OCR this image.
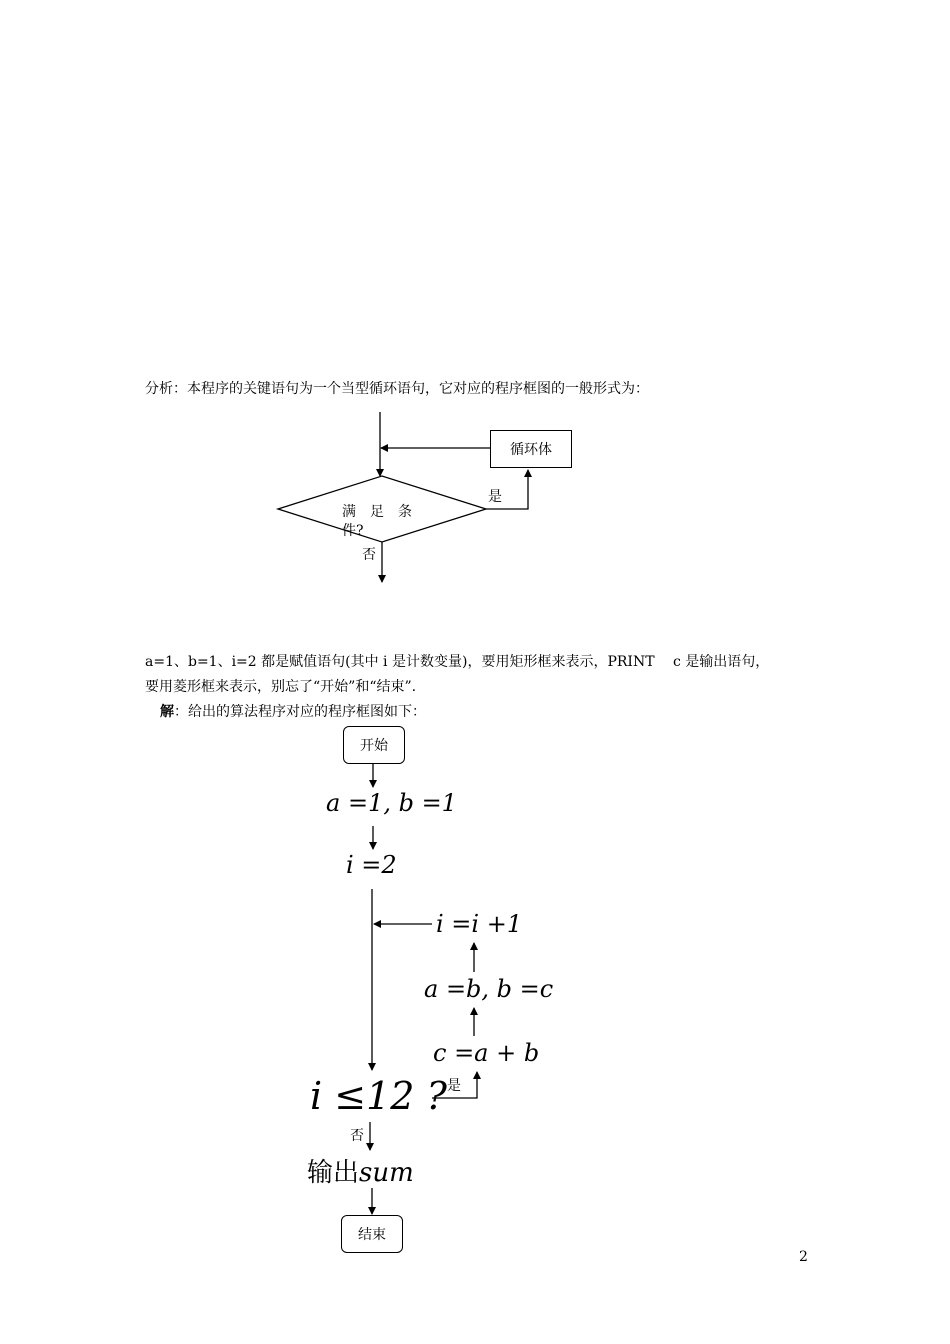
分析：本程序的关键语句为一个当型循环语句，它对应的程序框图的一般形式为：
循环体
满　足　条
件?
是
否
a=1、b=1、i=2 都是赋值语句(其中 i 是计数变量)，要用矩形框来表示，PRINT　 c 是输出语句，
要用菱形框来表示，别忘了“开始”和“结束”.
解：给出的算法程序对应的程序框图如下：
开始
a =1, b =1
i =2
i =i +1
a =b, b =c
c =a + b
i ≤12 ? 是
否
输出sum
结束
2
